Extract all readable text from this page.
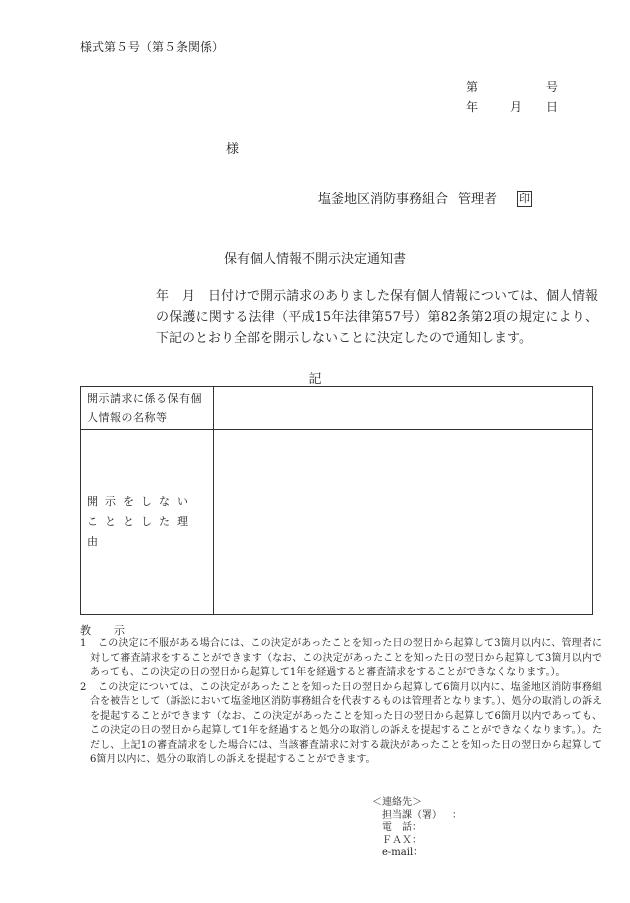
様式第５号（第５条関係）
第	号
年	月 日
様
塩釜地区消防事務組合 管理者 印
保有個人情報不開示決定通知書

年　月　日付けで開示請求のありました保有個人情報については、個人情報の保護に関する法律（平成15年法律第57号）第82条第2項の規定により、下記のとおり全部を開示しないことに決定したので通知します。

記
開示請求に係る保有個人情報の名称等	
開示をしないこととした理由	
教　示

1 この決定に不服がある場合には、この決定があったことを知った日の翌日から起算して3箇月以内に、管理者に対して審査請求をすることができます（なお、この決定があったことを知った日の翌日から起算して3箇月以内であっても、この決定の日の翌日から起算して1年を経過すると審査請求をすることができなくなります。）。

2 この決定については、この決定があったことを知った日の翌日から起算して6箇月以内に、塩釜地区消防事務組合を被告として（訴訟において塩釜地区消防事務組合を代表するものは管理者となります。）、処分の取消しの訴えを提起することができます（なお、この決定があったことを知った日の翌日から起算して6箇月以内であっても、この決定の日の翌日から起算して1年を経過すると処分の取消しの訴えを提起することができなくなります。）。ただし、上記1の審査請求をした場合には、当該審査請求に対する裁決があったことを知った日の翌日から起算して6箇月以内に、処分の取消しの訴えを提起することができます。

＜連絡先＞
担当課（署） ：
電　話：
ＦＡＸ：
e-mail：
